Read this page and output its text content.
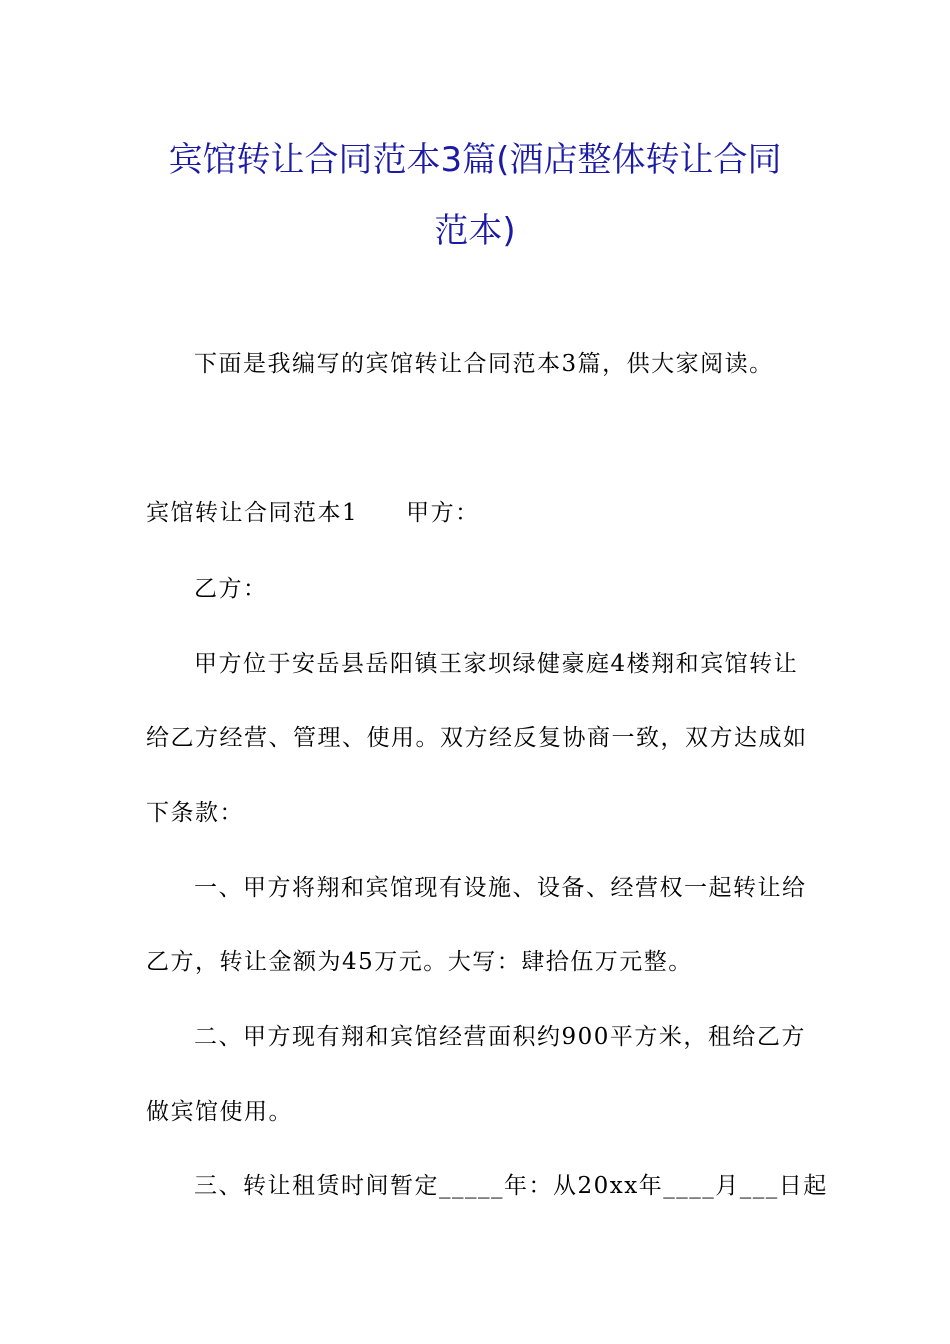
宾馆转让合同范本3篇(酒店整体转让合同
范本)
下面是我编写的宾馆转让合同范本3篇，供大家阅读。
宾馆转让合同范本1 甲方：
乙方：
甲方位于安岳县岳阳镇王家坝绿健豪庭4楼翔和宾馆转让
给乙方经营、管理、使用。双方经反复协商一致，双方达成如
下条款：
一、甲方将翔和宾馆现有设施、设备、经营权一起转让给
乙方，转让金额为45万元。大写：肆拾伍万元整。
二、甲方现有翔和宾馆经营面积约900平方米，租给乙方
做宾馆使用。
三、转让租赁时间暂定_____年：从20xx年____月___日起
